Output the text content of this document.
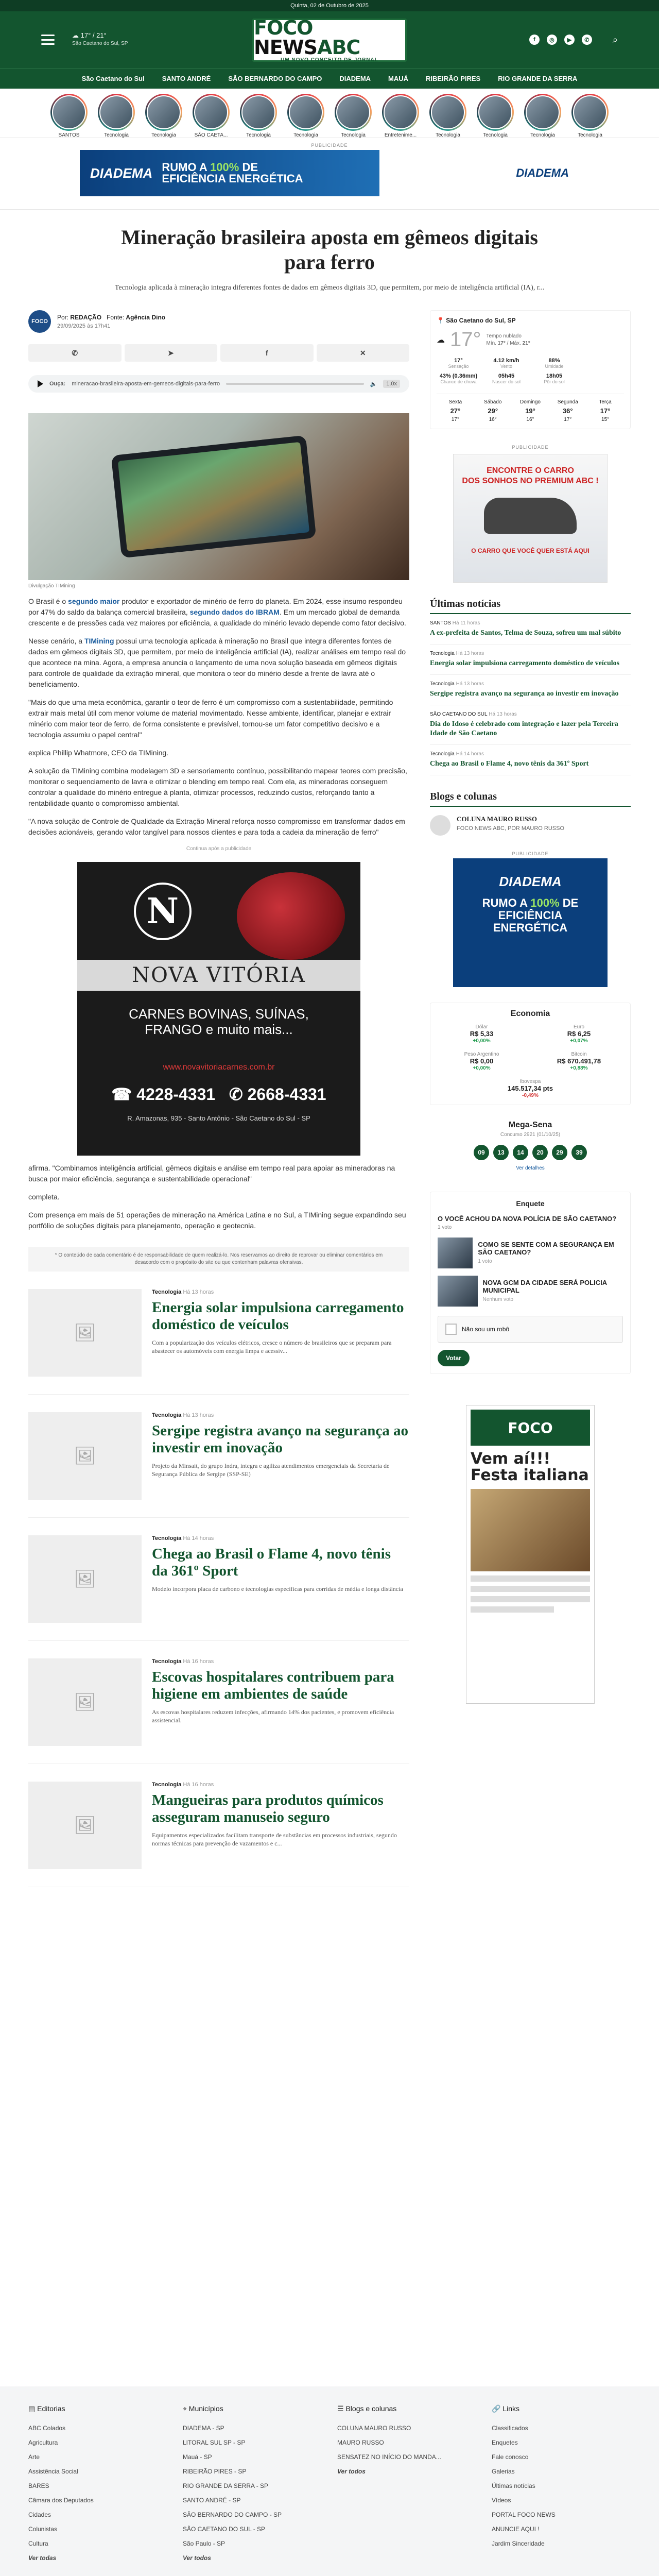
Quinta, 02 de Outubro de 2025
☁ 17° / 21°
São Caetano do Sul, SP
FOCO NEWSABC
UM NOVO CONCEITO DE JORNAL
f	◎	▶	✆	⌕
São Caetano do Sul	SANTO ANDRÉ	SÃO BERNARDO DO CAMPO	DIADEMA	MAUÁ	RIBEIRÃO PIRES	RIO GRANDE DA SERRA
SANTOS	Tecnologia	Tecnologia	SÃO CAETA...	Tecnologia	Tecnologia	Tecnologia	Entretenime...	Tecnologia	Tecnologia	Tecnologia	Tecnologia
PUBLICIDADE
DIADEMA RUMO A 100% DE
EFICIÊNCIA ENERGÉTICA	DIADEMA
Mineração brasileira aposta em gêmeos digitais para ferro
Tecnologia aplicada à mineração integra diferentes fontes de dados em gêmeos digitais 3D, que permitem, por meio de inteligência artificial (IA), r...
FOCO
Por: REDAÇÃO Fonte: Agência Dino
29/09/2025 às 17h41
✆	➤	f	✕
Ouça: mineracao-brasileira-aposta-em-gemeos-digitais-para-ferro	🔈	1.0x
Divulgação TIMining

O Brasil é o segundo maior produtor e exportador de minério de ferro do planeta. Em 2024, esse insumo respondeu por 47% do saldo da balança comercial brasileira, segundo dados do IBRAM. Em um mercado global de demanda crescente e de pressões cada vez maiores por eficiência, a qualidade do minério levado depende como fator decisivo.

Nesse cenário, a TIMining possui uma tecnologia aplicada à mineração no Brasil que integra diferentes fontes de dados em gêmeos digitais 3D, que permitem, por meio de inteligência artificial (IA), realizar análises em tempo real do que acontece na mina. Agora, a empresa anuncia o lançamento de uma nova solução baseada em gêmeos digitais para controle de qualidade da extração mineral, que monitora o teor do minério desde a frente de lavra até o beneficiamento.

"Mais do que uma meta econômica, garantir o teor de ferro é um compromisso com a sustentabilidade, permitindo extrair mais metal útil com menor volume de material movimentado. Nesse ambiente, identificar, planejar e extrair minério com maior teor de ferro, de forma consistente e previsível, tornou-se um fator competitivo decisivo e a tecnologia assumiu o papel central"

explica Phillip Whatmore, CEO da TIMining.

A solução da TIMining combina modelagem 3D e sensoriamento contínuo, possibilitando mapear teores com precisão, monitorar o sequenciamento de lavra e otimizar o blending em tempo real. Com ela, as mineradoras conseguem controlar a qualidade do minério entregue à planta, otimizar processos, reduzindo custos, reforçando tanto a rentabilidade quanto o compromisso ambiental.

"A nova solução de Controle de Qualidade da Extração Mineral reforça nosso compromisso em transformar dados em decisões acionáveis, gerando valor tangível para nossos clientes e para toda a cadeia da mineração de ferro"

Continua após a publicidade
N
NOVA VITÓRIA
CARNES BOVINAS, SUÍNAS,
FRANGO e muito mais...
www.novavitoriacarnes.com.br
☎ 4228-4331   ✆ 2668-4331
R. Amazonas, 935 - Santo Antônio - São Caetano do Sul - SP

afirma. "Combinamos inteligência artificial, gêmeos digitais e análise em tempo real para apoiar as mineradoras na busca por maior eficiência, segurança e sustentabilidade operacional"

completa.

Com presença em mais de 51 operações de mineração na América Latina e no Sul, a TIMining segue expandindo seu portfólio de soluções digitais para planejamento, operação e geotecnia.

* O conteúdo de cada comentário é de responsabilidade de quem realizá-lo. Nos reservamos ao direito de reprovar ou eliminar comentários em desacordo com o propósito do site ou que contenham palavras ofensivas.
🖼
Tecnologia Há 13 horas
Energia solar impulsiona carregamento doméstico de veículos

Com a popularização dos veículos elétricos, cresce o número de brasileiros que se preparam para abastecer os automóveis com energia limpa e acessív...

🖼
Tecnologia Há 13 horas
Sergipe registra avanço na segurança ao investir em inovação

Projeto da Minsait, do grupo Indra, integra e agiliza atendimentos emergenciais da Secretaria de Segurança Pública de Sergipe (SSP-SE)

🖼
Tecnologia Há 14 horas
Chega ao Brasil o Flame 4, novo tênis da 361º Sport

Modelo incorpora placa de carbono e tecnologias específicas para corridas de média e longa distância

🖼
Tecnologia Há 16 horas
Escovas hospitalares contribuem para higiene em ambientes de saúde

As escovas hospitalares reduzem infecções, afirmando 14% dos pacientes, e promovem eficiência assistencial.

🖼
Tecnologia Há 16 horas
Mangueiras para produtos químicos asseguram manuseio seguro

Equipamentos especializados facilitam transporte de substâncias em processos industriais, segundo normas técnicas para prevenção de vazamentos e c...

📍 São Caetano do Sul, SP
☁ 17° Tempo nublado
Mín. 17° / Máx. 21°
17°
Sensação
4.12 km/h
Vento
88%
Umidade
43% (0.36mm)
Chance de chuva
05h45
Nascer do sol
18h05
Pôr do sol
Sexta
27°
17°
Sábado
29°
16°
Domingo
19°
16°
Segunda
36°
17°
Terça
17°
15°
PUBLICIDADE
ENCONTRE O CARRO
DOS SONHOS NO PREMIUM ABC !
O CARRO QUE VOCÊ QUER ESTÁ AQUI
Últimas notícias
SANTOS Há 11 horas
A ex-prefeita de Santos, Telma de Souza, sofreu um mal súbito
Tecnologia Há 13 horas
Energia solar impulsiona carregamento doméstico de veículos
Tecnologia Há 13 horas
Sergipe registra avanço na segurança ao investir em inovação
SÃO CAETANO DO SUL Há 13 horas
Dia do Idoso é celebrado com integração e lazer pela Terceira Idade de São Caetano
Tecnologia Há 14 horas
Chega ao Brasil o Flame 4, novo tênis da 361º Sport
Blogs e colunas
COLUNA MAURO RUSSO
FOCO NEWS ABC, POR MAURO RUSSO
PUBLICIDADE
DIADEMA
RUMO A 100% DE
EFICIÊNCIA
ENERGÉTICA
Economia
Dólar
R$ 5,33
+0,00%
Euro
R$ 6,25
+0,07%
Peso Argentino
R$ 0,00
+0,00%
Bitcoin
R$ 670.491,78
+0,88%
Ibovespa
145.517,34 pts
-0,49%
Mega-Sena
Concurso 2921 (01/10/25)
09	13	14	20	29	39
Ver detalhes
Enquete
O VOCÊ ACHOU DA NOVA POLÍCIA DE SÃO CAETANO?
1 voto
COMO SE SENTE COM A SEGURANÇA EM SÃO CAETANO?
1 voto
NOVA GCM DA CIDADE SERÁ POLICIA MUNICIPAL
Nenhum voto
Não sou um robô
Votar
FOCO
Vem aí!!! Festa italiana
▤ Editorias
ABC Colados
Agricultura
Arte
Assistência Social
BARES
Câmara dos Deputados
Cidades
Colunistas
Cultura
Ver todas
⌖ Municípios
DIADEMA - SP
LITORAL SUL SP - SP
Mauá - SP
RIBEIRÃO PIRES - SP
RIO GRANDE DA SERRA - SP
SANTO ANDRÉ - SP
SÃO BERNARDO DO CAMPO - SP
SÃO CAETANO DO SUL - SP
São Paulo - SP
Ver todos
☰ Blogs e colunas
COLUNA MAURO RUSSO
MAURO RUSSO
SENSATEZ NO INÍCIO DO MANDA...
Ver todos
🔗 Links
Classificados
Enquetes
Fale conosco
Galerias
Últimas notícias
Vídeos
PORTAL FOCO NEWS
ANUNCIE AQUI !
Jardim Sinceridade
